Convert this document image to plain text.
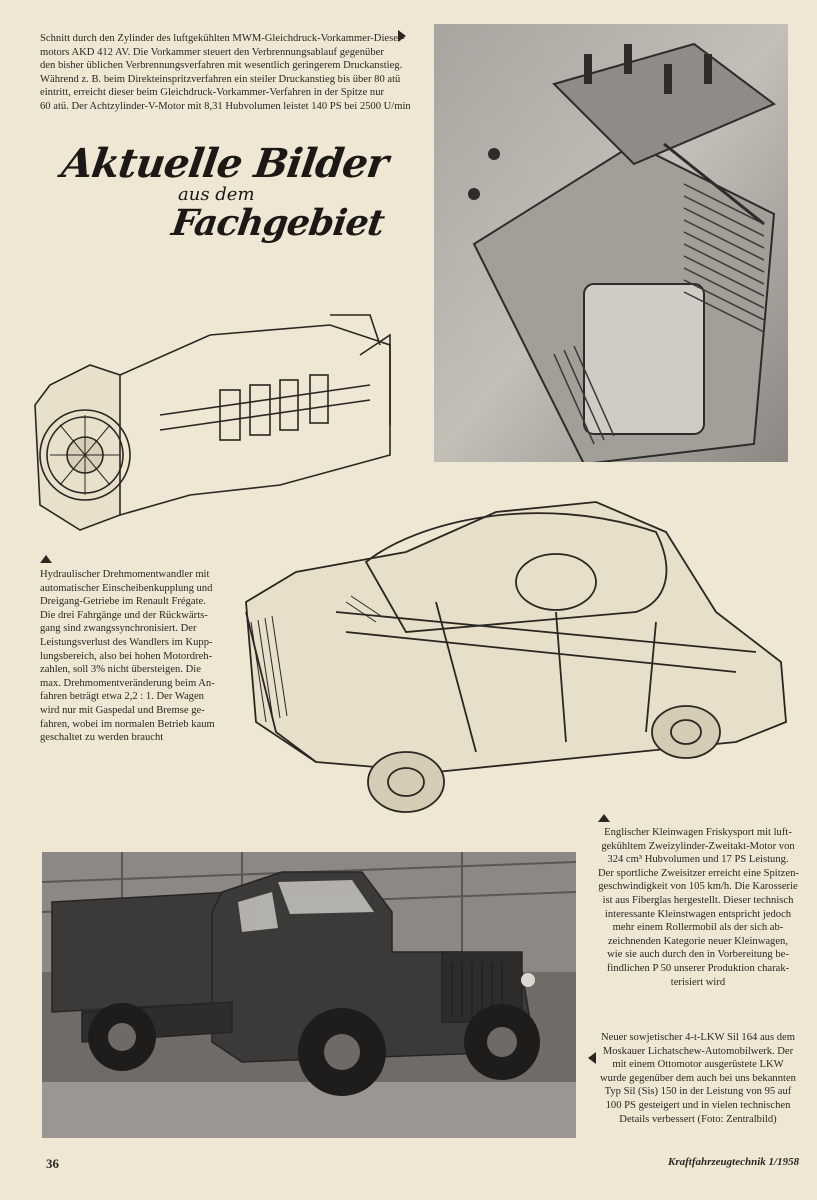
Schnitt durch den Zylinder des luftgekühlten MWM-Gleichdruck-Vorkammer-Diesel-

motors AKD 412 AV. Die Vorkammer steuert den Verbrennungsablauf gegenüber

den bisher üblichen Verbrennungsverfahren mit wesentlich geringerem Druckanstieg.

Während z. B. beim Direkteinspritzverfahren ein steiler Druckanstieg bis über 80 atü

eintritt, erreicht dieser beim Gleichdruck-Vorkammer-Verfahren in der Spitze nur

60 atü. Der Achtzylinder-V-Motor mit 8,31 Hubvolumen leistet 140 PS bei 2500 U/min

Aktuelle Bilder
aus dem
Fachgebiet

Hydraulischer Drehmomentwandler mit

automatischer Einscheibenkupplung und

Dreigang-Getriebe im Renault Frégate.

Die drei Fahrgänge und der Rückwärts-

gang sind zwangssynchronisiert. Der

Leistungsverlust des Wandlers im Kupp-

lungsbereich, also bei hohen Motordreh-

zahlen, soll 3% nicht übersteigen. Die

max. Drehmomentveränderung beim An-

fahren beträgt etwa 2,2 : 1. Der Wagen

wird nur mit Gaspedal und Bremse ge-

fahren, wobei im normalen Betrieb kaum

geschaltet zu werden braucht

Englischer Kleinwagen Friskysport mit luft-

gekühltem Zweizylinder-Zweitakt-Motor von

324 cm³ Hubvolumen und 17 PS Leistung.

Der sportliche Zweisitzer erreicht eine Spitzen-

geschwindigkeit von 105 km/h. Die Karosserie

ist aus Fiberglas hergestellt. Dieser technisch

interessante Kleinstwagen entspricht jedoch

mehr einem Rollermobil als der sich ab-

zeichnenden Kategorie neuer Kleinwagen,

wie sie auch durch den in Vorbereitung be-

findlichen P 50 unserer Produktion charak-

terisiert wird

Neuer sowjetischer 4-t-LKW Sil 164 aus dem

Moskauer Lichatschew-Automobilwerk. Der

mit einem Ottomotor ausgerüstete LKW

wurde gegenüber dem auch bei uns bekannten

Typ Sil (Sis) 150 in der Leistung von 95 auf

100 PS gesteigert und in vielen technischen

Details verbessert (Foto: Zentralbild)

36	Kraftfahrzeugtechnik 1/1958
